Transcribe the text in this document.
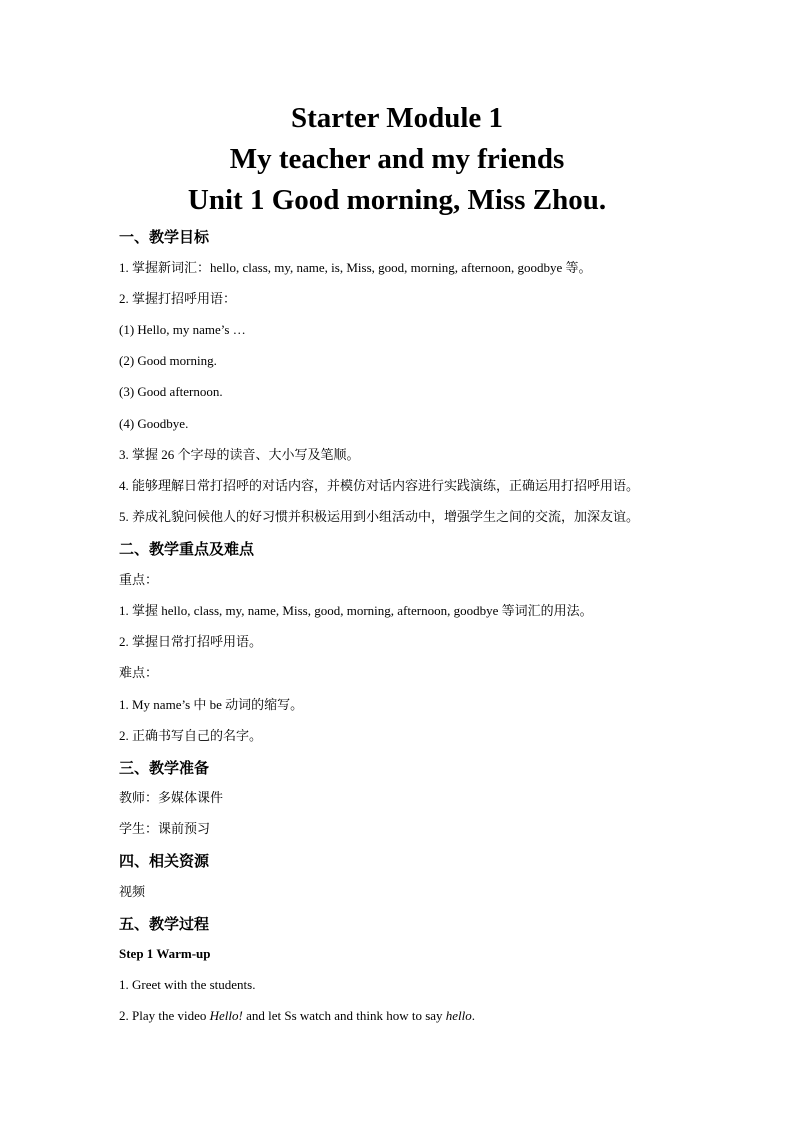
Starter Module 1
My teacher and my friends
Unit 1 Good morning, Miss Zhou.
一、教学目标
1. 掌握新词汇：hello, class, my, name, is, Miss, good, morning, afternoon, goodbye 等。
2. 掌握打招呼用语：
(1) Hello, my name’s …
(2) Good morning.
(3) Good afternoon.
(4) Goodbye.
3. 掌握 26 个字母的读音、大小写及笔顺。
4. 能够理解日常打招呼的对话内容，并模仿对话内容进行实践演练，正确运用打招呼用语。
5. 养成礼貌问候他人的好习惯并积极运用到小组活动中，增强学生之间的交流，加深友谊。
二、教学重点及难点
重点：
1. 掌握 hello, class, my, name, Miss, good, morning, afternoon, goodbye 等词汇的用法。
2. 掌握日常打招呼用语。
难点：
1. My name’s 中 be 动词的缩写。
2. 正确书写自己的名字。
三、教学准备
教师：多媒体课件
学生：课前预习
四、相关资源
视频
五、教学过程
Step 1 Warm-up
1. Greet with the students.
2. Play the video Hello! and let Ss watch and think how to say hello.
